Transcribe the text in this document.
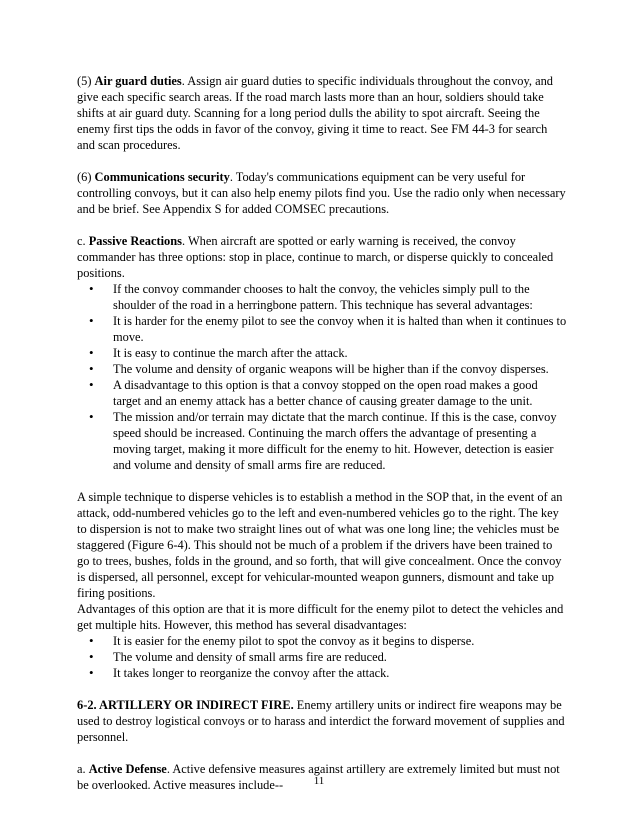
(5) Air guard duties. Assign air guard duties to specific individuals throughout the convoy, and give each specific search areas. If the road march lasts more than an hour, soldiers should take shifts at air guard duty. Scanning for a long period dulls the ability to spot aircraft. Seeing the enemy first tips the odds in favor of the convoy, giving it time to react. See FM 44-3 for search and scan procedures.

(6) Communications security. Today's communications equipment can be very useful for controlling convoys, but it can also help enemy pilots find you. Use the radio only when necessary and be brief. See Appendix S for added COMSEC precautions.

c. Passive Reactions. When aircraft are spotted or early warning is received, the convoy commander has three options: stop in place, continue to march, or disperse quickly to concealed positions.

• If the convoy commander chooses to halt the convoy, the vehicles simply pull to the shoulder of the road in a herringbone pattern. This technique has several advantages:
• It is harder for the enemy pilot to see the convoy when it is halted than when it continues to move.
• It is easy to continue the march after the attack.
• The volume and density of organic weapons will be higher than if the convoy disperses.
• A disadvantage to this option is that a convoy stopped on the open road makes a good target and an enemy attack has a better chance of causing greater damage to the unit.
• The mission and/or terrain may dictate that the march continue. If this is the case, convoy speed should be increased. Continuing the march offers the advantage of presenting a moving target, making it more difficult for the enemy to hit. However, detection is easier and volume and density of small arms fire are reduced.

A simple technique to disperse vehicles is to establish a method in the SOP that, in the event of an attack, odd-numbered vehicles go to the left and even-numbered vehicles go to the right. The key to dispersion is not to make two straight lines out of what was one long line; the vehicles must be staggered (Figure 6-4). This should not be much of a problem if the drivers have been trained to go to trees, bushes, folds in the ground, and so forth, that will give concealment. Once the convoy is dispersed, all personnel, except for vehicular-mounted weapon gunners, dismount and take up firing positions.

Advantages of this option are that it is more difficult for the enemy pilot to detect the vehicles and get multiple hits. However, this method has several disadvantages:

• It is easier for the enemy pilot to spot the convoy as it begins to disperse.
• The volume and density of small arms fire are reduced.
• It takes longer to reorganize the convoy after the attack.

6-2. ARTILLERY OR INDIRECT FIRE. Enemy artillery units or indirect fire weapons may be used to destroy logistical convoys or to harass and interdict the forward movement of supplies and personnel.

a. Active Defense. Active defensive measures against artillery are extremely limited but must not be overlooked. Active measures include--	11
